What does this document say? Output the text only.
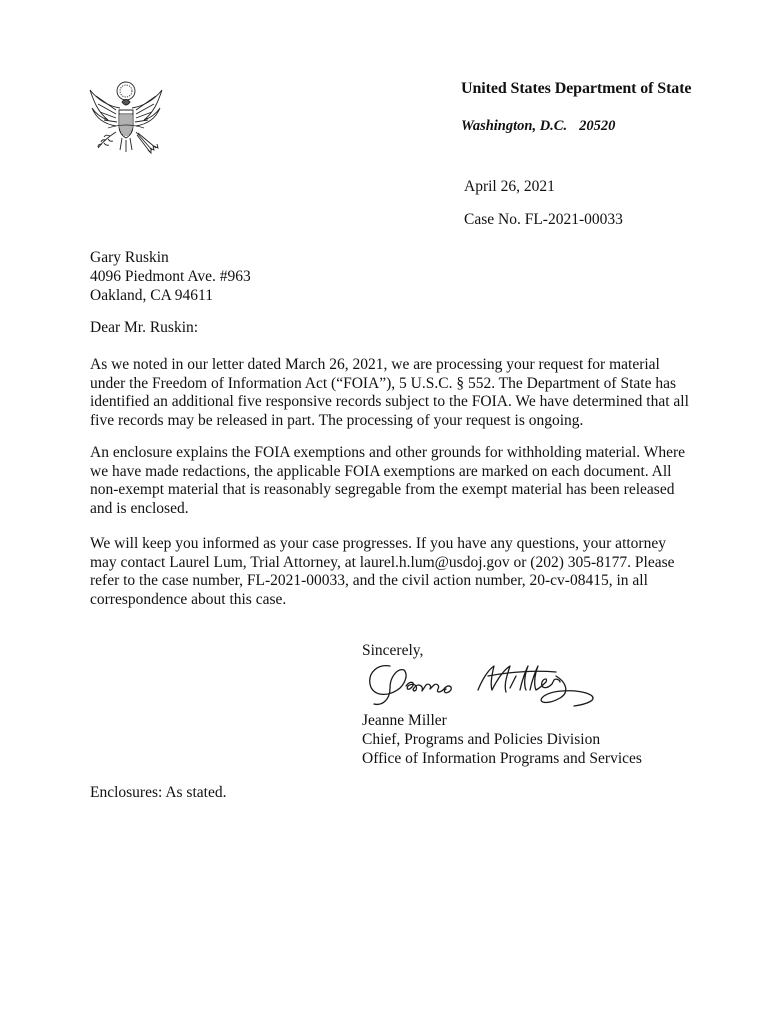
United States Department of State
Washington, D.C. 20520
April 26, 2021
Case No. FL-2021-00033
Gary Ruskin
4096 Piedmont Ave. #963
Oakland, CA 94611
Dear Mr. Ruskin:
As we noted in our letter dated March 26, 2021, we are processing your request for material
under the Freedom of Information Act (“FOIA”), 5 U.S.C. § 552. The Department of State has
identified an additional five responsive records subject to the FOIA. We have determined that all
five records may be released in part. The processing of your request is ongoing.
An enclosure explains the FOIA exemptions and other grounds for withholding material. Where
we have made redactions, the applicable FOIA exemptions are marked on each document. All
non-exempt material that is reasonably segregable from the exempt material has been released
and is enclosed.
We will keep you informed as your case progresses. If you have any questions, your attorney
may contact Laurel Lum, Trial Attorney, at laurel.h.lum@usdoj.gov or (202) 305-8177. Please
refer to the case number, FL-2021-00033, and the civil action number, 20-cv-08415, in all
correspondence about this case.
Sincerely,
Jeanne Miller
Chief, Programs and Policies Division
Office of Information Programs and Services
Enclosures: As stated.
